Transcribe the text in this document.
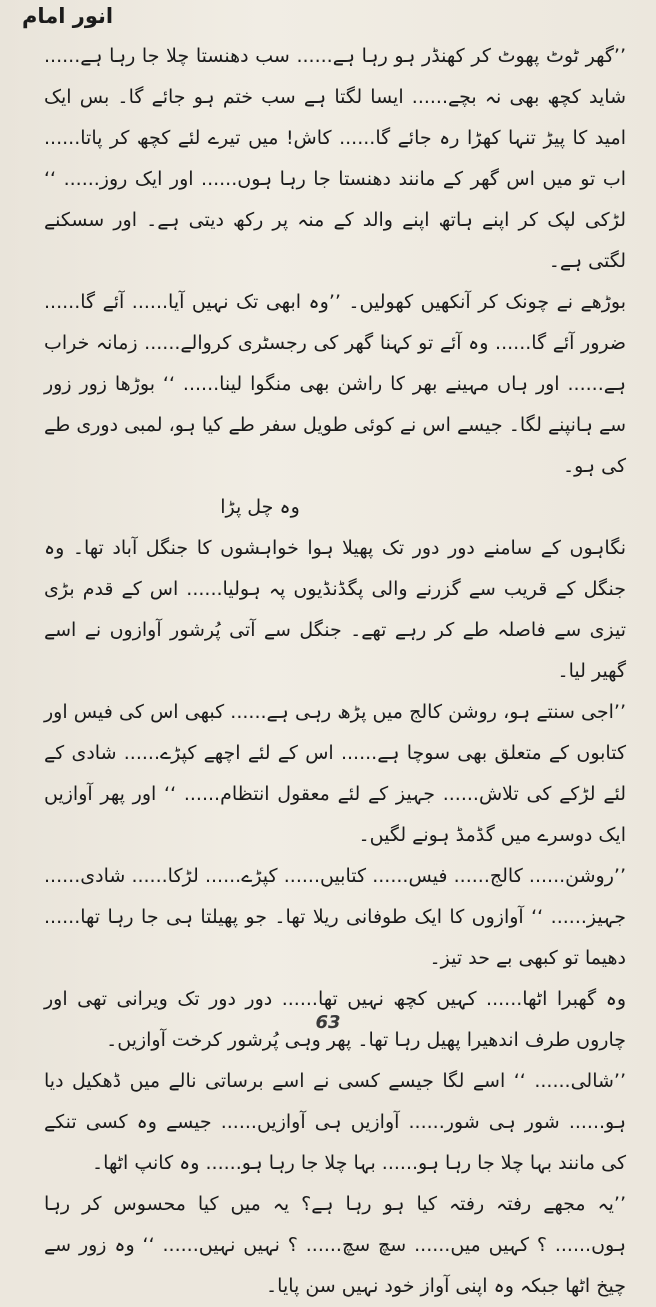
انور امام

’’گھر ٹوٹ پھوٹ کر کھنڈر ہو رہا ہے...... سب دھنستا چلا جا رہا ہے...... شاید کچھ بھی نہ بچے...... ایسا لگتا ہے سب ختم ہو جائے گا۔ بس ایک امید کا پیڑ تنہا کھڑا رہ جائے گا...... کاش! میں تیرے لئے کچھ کر پاتا...... اب تو میں اس گھر کے مانند دھنستا جا رہا ہوں...... اور ایک روز...... ‘‘ لڑکی لپک کر اپنے ہاتھ اپنے والد کے منہ پر رکھ دیتی ہے۔ اور سسکنے لگتی ہے۔

بوڑھے نے چونک کر آنکھیں کھولیں۔ ’’وہ ابھی تک نہیں آیا...... آئے گا...... ضرور آئے گا...... وہ آئے تو کہنا گھر کی رجسٹری کروالے...... زمانہ خراب ہے...... اور ہاں مہینے بھر کا راشن بھی منگوا لینا...... ‘‘ بوڑھا زور زور سے ہانپنے لگا۔ جیسے اس نے کوئی طویل سفر طے کیا ہو، لمبی دوری طے کی ہو۔

وہ چل پڑا

نگاہوں کے سامنے دور دور تک پھیلا ہوا خواہشوں کا جنگل آباد تھا۔ وہ جنگل کے قریب سے گزرنے والی پگڈنڈیوں پہ ہولیا...... اس کے قدم بڑی تیزی سے فاصلہ طے کر رہے تھے۔ جنگل سے آتی پُرشور آوازوں نے اسے گھیر لیا۔

’’اجی سنتے ہو، روشن کالج میں پڑھ رہی ہے...... کبھی اس کی فیس اور کتابوں کے متعلق بھی سوچا ہے...... اس کے لئے اچھے کپڑے...... شادی کے لئے لڑکے کی تلاش...... جہیز کے لئے معقول انتظام...... ‘‘ اور پھر آوازیں ایک دوسرے میں گڈمڈ ہونے لگیں۔

’’روشن...... کالج...... فیس...... کتابیں...... کپڑے...... لڑکا...... شادی...... جہیز...... ‘‘ آوازوں کا ایک طوفانی ریلا تھا۔ جو پھیلتا ہی جا رہا تھا...... دھیما تو کبھی بے حد تیز۔

وہ گھبرا اٹھا...... کہیں کچھ نہیں تھا...... دور دور تک ویرانی تھی اور چاروں طرف اندھیرا پھیل رہا تھا۔ پھر وہی پُرشور کرخت آوازیں۔

’’شالی...... ‘‘ اسے لگا جیسے کسی نے اسے برساتی نالے میں ڈھکیل دیا ہو...... شور ہی شور...... آوازیں ہی آوازیں...... جیسے وہ کسی تنکے کی مانند بہا چلا جا رہا ہو...... بہا چلا جا رہا ہو...... وہ کانپ اٹھا۔

’’یہ مجھے رفتہ رفتہ کیا ہو رہا ہے؟ یہ میں کیا محسوس کر رہا ہوں...... ؟ کہیں میں...... سچ سچ...... ؟ نہیں نہیں...... ‘‘ وہ زور سے چیخ اٹھا جبکہ وہ اپنی آواز خود نہیں سن پایا۔

63
